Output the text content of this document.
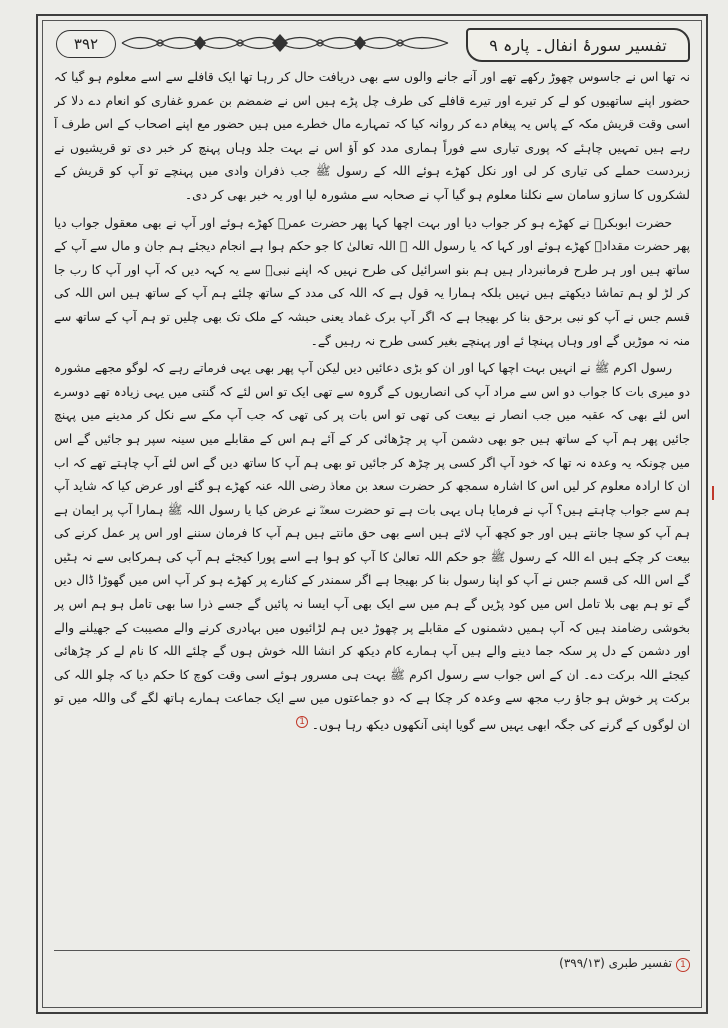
۳۹۲	تفسیر سورۂ انفال۔ پارہ ۹

نہ تھا اس نے جاسوس چھوڑ رکھے تھے اور آنے جانے والوں سے بھی دریافت حال کر رہا تھا ایک قافلے سے اسے معلوم ہو گیا کہ حضور اپنے ساتھیوں کو لے کر تیرے اور تیرے قافلے کی طرف چل پڑے ہیں اس نے ضمضم بن عمرو غفاری کو انعام دے دلا کر اسی وقت قریش مکہ کے پاس یہ پیغام دے کر روانہ کیا کہ تمہارے مال خطرے میں ہیں حضور مع اپنے اصحاب کے اس طرف آ رہے ہیں تمہیں چاہئے کہ پوری تیاری سے فوراً ہماری مدد کو آؤ اس نے بہت جلد وہاں پہنچ کر خبر دی تو قریشیوں نے زبردست حملے کی تیاری کر لی اور نکل کھڑے ہوئے اللہ کے رسول ﷺ جب ذفران وادی میں پہنچے تو آپ کو قریش کے لشکروں کا سازو سامان سے نکلنا معلوم ہو گیا آپ نے صحابہ سے مشورہ لیا اور یہ خبر بھی کر دی۔

حضرت ابوبکرؓ نے کھڑے ہو کر جواب دیا اور بہت اچھا کہا پھر حضرت عمرؓ کھڑے ہوئے اور آپ نے بھی معقول جواب دیا پھر حضرت مقدادؓ کھڑے ہوئے اور کہا کہ یا رسول اللہ ﷺ اللہ تعالیٰ کا جو حکم ہوا ہے انجام دیجئے ہم جان و مال سے آپ کے ساتھ ہیں اور ہر طرح فرمانبردار ہیں ہم بنو اسرائیل کی طرح نہیں کہ اپنے نبیؑ سے یہ کہہ دیں کہ آپ اور آپ کا رب جا کر لڑ لو ہم تماشا دیکھتے ہیں نہیں بلکہ ہمارا یہ قول ہے کہ اللہ کی مدد کے ساتھ چلئے ہم آپ کے ساتھ ہیں اس اللہ کی قسم جس نے آپ کو نبی برحق بنا کر بھیجا ہے کہ اگر آپ برک غماد یعنی حبشہ کے ملک تک بھی چلیں تو ہم آپ کے ساتھ سے منہ نہ موڑیں گے اور وہاں پہنچا ئے اور پہنچے بغیر کسی طرح نہ رہیں گے۔

رسول اکرم ﷺ نے انہیں بہت اچھا کہا اور ان کو بڑی دعائیں دیں لیکن آپ پھر بھی یہی فرماتے رہے کہ لوگو مجھے مشورہ دو میری بات کا جواب دو اس سے مراد آپ کی انصاریوں کے گروہ سے تھی ایک تو اس لئے کہ گنتی میں یہی زیادہ تھے دوسرے اس لئے بھی کہ عقبہ میں جب انصار نے بیعت کی تھی تو اس بات پر کی تھی کہ جب آپ مکے سے نکل کر مدینے میں پہنچ جائیں پھر ہم آپ کے ساتھ ہیں جو بھی دشمن آپ پر چڑھائی کر کے آئے ہم اس کے مقابلے میں سینہ سپر ہو جائیں گے اس میں چونکہ یہ وعدہ نہ تھا کہ خود آپ اگر کسی پر چڑھ کر جائیں تو بھی ہم آپ کا ساتھ دیں گے اس لئے آپ چاہتے تھے کہ اب ان کا ارادہ معلوم کر لیں اس کا اشارہ سمجھ کر حضرت سعد بن معاذ رضی اللہ عنہ کھڑے ہو گئے اور عرض کیا کہ شاید آپ ہم سے جواب چاہتے ہیں؟ آپ نے فرمایا ہاں یہی بات ہے تو حضرت سعدؓ نے عرض کیا یا رسول اللہ ﷺ ہمارا آپ پر ایمان ہے ہم آپ کو سچا جانتے ہیں اور جو کچھ آپ لائے ہیں اسے بھی حق مانتے ہیں ہم آپ کا فرمان سننے اور اس پر عمل کرنے کی بیعت کر چکے ہیں اے اللہ کے رسول ﷺ جو حکم اللہ تعالیٰ کا آپ کو ہوا ہے اسے پورا کیجئے ہم آپ کی ہمرکابی سے نہ ہٹیں گے اس اللہ کی قسم جس نے آپ کو اپنا رسول بنا کر بھیجا ہے اگر سمندر کے کنارے پر کھڑے ہو کر آپ اس میں گھوڑا ڈال دیں گے تو ہم بھی بلا تامل اس میں کود پڑیں گے ہم میں سے ایک بھی آپ ایسا نہ پائیں گے جسے ذرا سا بھی تامل ہو ہم اس پر بخوشی رضامند ہیں کہ آپ ہمیں دشمنوں کے مقابلے پر چھوڑ دیں ہم لڑائیوں میں بہادری کرنے والے مصیبت کے جھیلنے والے اور دشمن کے دل پر سکہ جما دینے والے ہیں آپ ہمارے کام دیکھ کر انشا اللہ خوش ہوں گے چلئے اللہ کا نام لے کر چڑھائی کیجئے اللہ برکت دے۔ ان کے اس جواب سے رسول اکرم ﷺ بہت ہی مسرور ہوئے اسی وقت کوچ کا حکم دیا کہ چلو اللہ کی برکت پر خوش ہو جاؤ رب مجھ سے وعدہ کر چکا ہے کہ دو جماعتوں میں سے ایک جماعت ہمارے ہاتھ لگے گی واللہ میں تو ان لوگوں کے گرنے کی جگہ ابھی یہیں سے گویا اپنی آنکھوں دیکھ رہا ہوں۔ $^1$

1تفسیر طبری (۳۹۹/۱۳)
